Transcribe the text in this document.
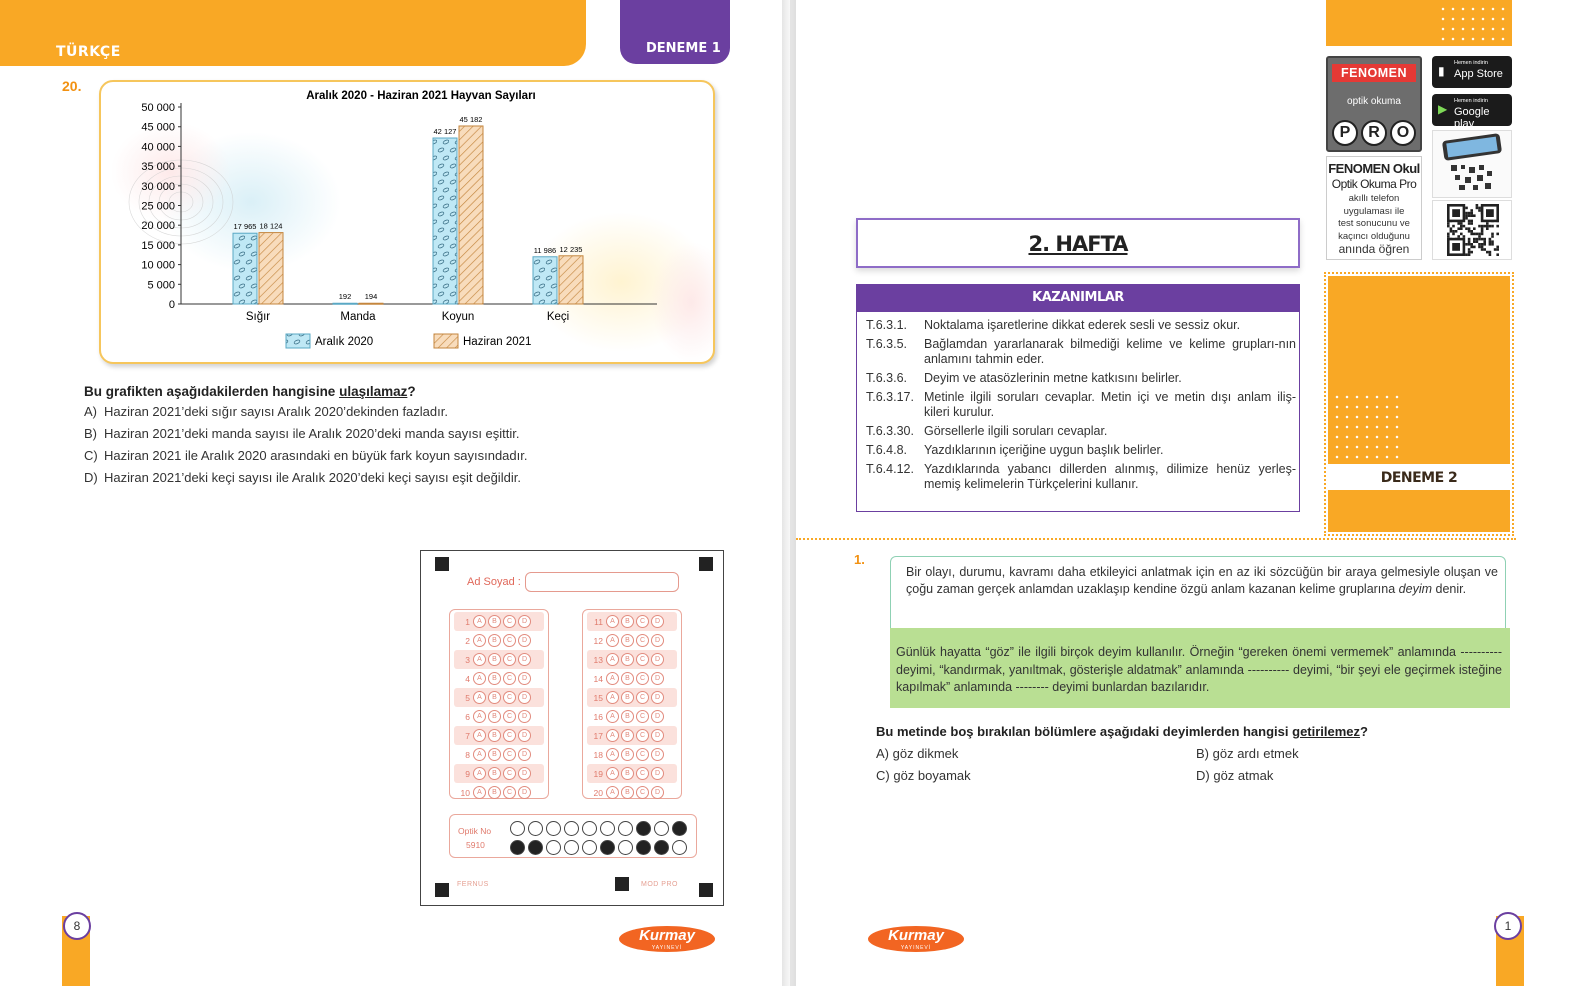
TÜRKÇE	DENEME 1
20.
0
5 000
10 000
15 000
20 000
25 000
30 000
35 000
40 000
45 000
50 000
17 965 18 124
Sığır
192 194
Manda
42 127
45 182
Koyun
11 986 12 235
Keçi
Aralık 2020 - Haziran 2021 Hayvan Sayıları
Aralık 2020	Haziran 2021
Bu grafikten aşağıdakilerden hangisine ulaşılamaz?
A) Haziran 2021’deki sığır sayısı Aralık 2020’dekinden fazladır.
B) Haziran 2021’deki manda sayısı ile Aralık 2020’deki manda sayısı eşittir.
C) Haziran 2021 ile Aralık 2020 arasındaki en büyük fark koyun sayısındadır.
D) Haziran 2021’deki keçi sayısı ile Aralık 2020’deki keçi sayısı eşit değildir.
Ad Soyad :
1	A	B	C	D
2	A	B	C	D
3	A	B	C	D
4	A	B	C	D
5	A	B	C	D
6	A	B	C	D
7	A	B	C	D
8	A	B	C	D
9	A	B	C	D
10	A	B	C	D
11	A	B	C	D
12	A	B	C	D
13	A	B	C	D
14	A	B	C	D
15	A	B	C	D
16	A	B	C	D
17	A	B	C	D
18	A	B	C	D
19	A	B	C	D
20	A	B	C	D
Optik No
5910
FERNUS	MOD PRO
8
Kurmay
YAYINEVİ
FENOMEN
optik okuma
P	R	O
▮
Hemen indirin
App Store
▶
Hemen indirin
Google play
FENOMEN Okul
Optik Okuma Pro
akıllı telefon
uygulaması ile
test sonucunu ve
kaçıncı olduğunu
anında öğren
DENEME 2
2. HAFTA
KAZANIMLAR
T.6.3.1.	Noktalama işaretlerine dikkat ederek sesli ve sessiz okur.
T.6.3.5.	Bağlamdan yararlanarak bilmediği kelime ve kelime grupları-nın anlamını tahmin eder.
T.6.3.6.	Deyim ve atasözlerinin metne katkısını belirler.
T.6.3.17. Metinle ilgili soruları cevaplar. Metin içi ve metin dışı anlam iliş-kileri kurulur.
T.6.3.30. Görsellerle ilgili soruları cevaplar.
T.6.4.8.	Yazdıklarının içeriğine uygun başlık belirler.
T.6.4.12. Yazdıklarında yabancı dillerden alınmış, dilimize henüz yerleş-memiş kelimelerin Türkçelerini kullanır.
1.
Bir olayı, durumu, kavramı daha etkileyici anlatmak için en az iki sözcüğün bir araya gelmesiyle oluşan ve çoğu zaman gerçek anlamdan uzaklaşıp kendine özgü anlam kazanan kelime gruplarına deyim denir.
Günlük hayatta “göz” ile ilgili birçok deyim kullanılır. Örneğin “gereken önemi vermemek” anlamında ---------- deyimi, “kandırmak, yanıltmak, gösterişle aldatmak” anlamında ---------- deyimi, “bir şeyi ele geçirmek isteğine kapılmak” anlamında -------- deyimi bunlardan bazılarıdır.
Bu metinde boş bırakılan bölümlere aşağıdaki deyimlerden hangisi getirilemez?
A) göz dikmek	B) göz ardı etmek
C) göz boyamak	D) göz atmak
Kurmay
YAYINEVİ
1
